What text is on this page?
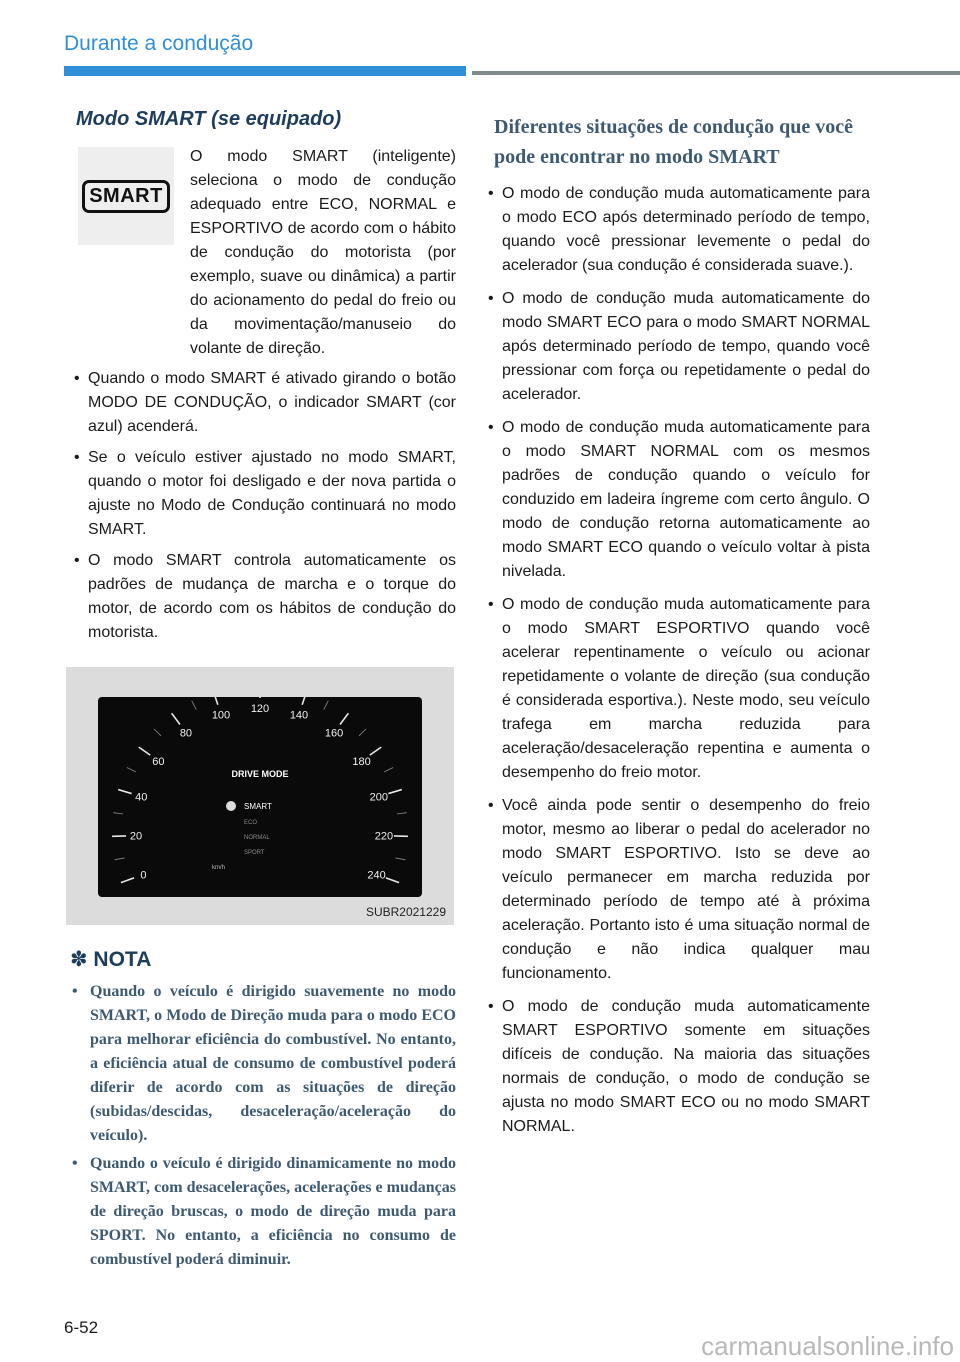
Durante a condução
Modo SMART (se equipado)
SMART

O modo SMART (inteligente) seleciona o modo de condução adequado entre ECO, NORMAL e ESPORTIVO de acordo com o hábito de condução do motorista (por exemplo, suave ou dinâmica) a partir do acionamento do pedal do freio ou da movimentação/manuseio do volante de direção.

• Quando o modo SMART é ativado girando o botão MODO DE CONDUÇÃO, o indicador SMART (cor azul) acenderá.
• Se o veículo estiver ajustado no modo SMART, quando o motor foi desligado e der nova partida o ajuste no Modo de Condução continuará no modo SMART.
• O modo SMART controla automaticamente os padrões de mudança de marcha e o torque do motor, de acordo com os hábitos de condução do motorista.
0
20
40
60
80
100
120
140
160
180
200
220
240
km/h
DRIVE MODE
SMART
ECO
NORMAL
SPORT
SUBR2021229
✽ NOTA
• Quando o veículo é dirigido suavemente no modo SMART, o Modo de Direção muda para o modo ECO para melhorar eficiência do combustível. No entanto, a eficiência atual de consumo de combustível poderá diferir de acordo com as situações de direção (subidas/descidas, desaceleração/aceleração do veículo).
• Quando o veículo é dirigido dinamicamente no modo SMART, com desacelerações, acelerações e mudanças de direção bruscas, o modo de direção muda para SPORT. No entanto, a eficiência no consumo de combustível poderá diminuir.
Diferentes situações de condução que você pode encontrar no modo SMART
• O modo de condução muda automaticamente para o modo ECO após determinado período de tempo, quando você pressionar levemente o pedal do acelerador (sua condução é considerada suave.).
• O modo de condução muda automaticamente do modo SMART ECO para o modo SMART NORMAL após determinado período de tempo, quando você pressionar com força ou repetidamente o pedal do acelerador.
• O modo de condução muda automaticamente para o modo SMART NORMAL com os mesmos padrões de condução quando o veículo for conduzido em ladeira íngreme com certo ângulo. O modo de condução retorna automaticamente ao modo SMART ECO quando o veículo voltar à pista nivelada.
• O modo de condução muda automaticamente para o modo SMART ESPORTIVO quando você acelerar repentinamente o veículo ou acionar repetidamente o volante de direção (sua condução é considerada esportiva.). Neste modo, seu veículo trafega em marcha reduzida para aceleração/desaceleração repentina e aumenta o desempenho do freio motor.
• Você ainda pode sentir o desempenho do freio motor, mesmo ao liberar o pedal do acelerador no modo SMART ESPORTIVO. Isto se deve ao veículo permanecer em marcha reduzida por determinado período de tempo até à próxima aceleração. Portanto isto é uma situação normal de condução e não indica qualquer mau funcionamento.
• O modo de condução muda automaticamente SMART ESPORTIVO somente em situações difíceis de condução. Na maioria das situações normais de condução, o modo de condução se ajusta no modo SMART ECO ou no modo SMART NORMAL.
6-52
carmanualsonline.info
